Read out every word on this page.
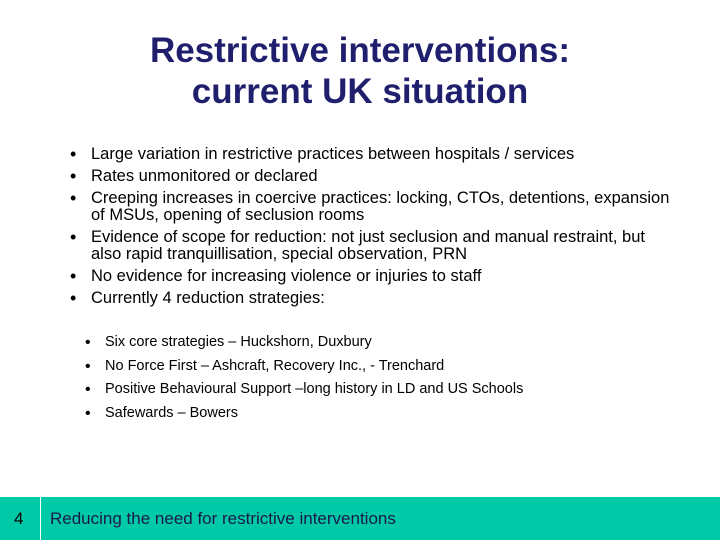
Restrictive interventions:
current UK situation
• Large variation in restrictive practices between hospitals / services
• Rates unmonitored or declared
• Creeping increases in coercive practices: locking, CTOs, detentions, expansion of MSUs, opening of seclusion rooms
• Evidence of scope for reduction: not just seclusion and manual restraint, but also rapid tranquillisation, special observation, PRN
• No evidence for increasing violence or injuries to staff
• Currently 4 reduction strategies:
• Six core strategies – Huckshorn, Duxbury
• No Force First – Ashcraft, Recovery Inc., - Trenchard
• Positive Behavioural Support –long history in LD and US Schools
• Safewards – Bowers
4 Reducing the need for restrictive interventions
